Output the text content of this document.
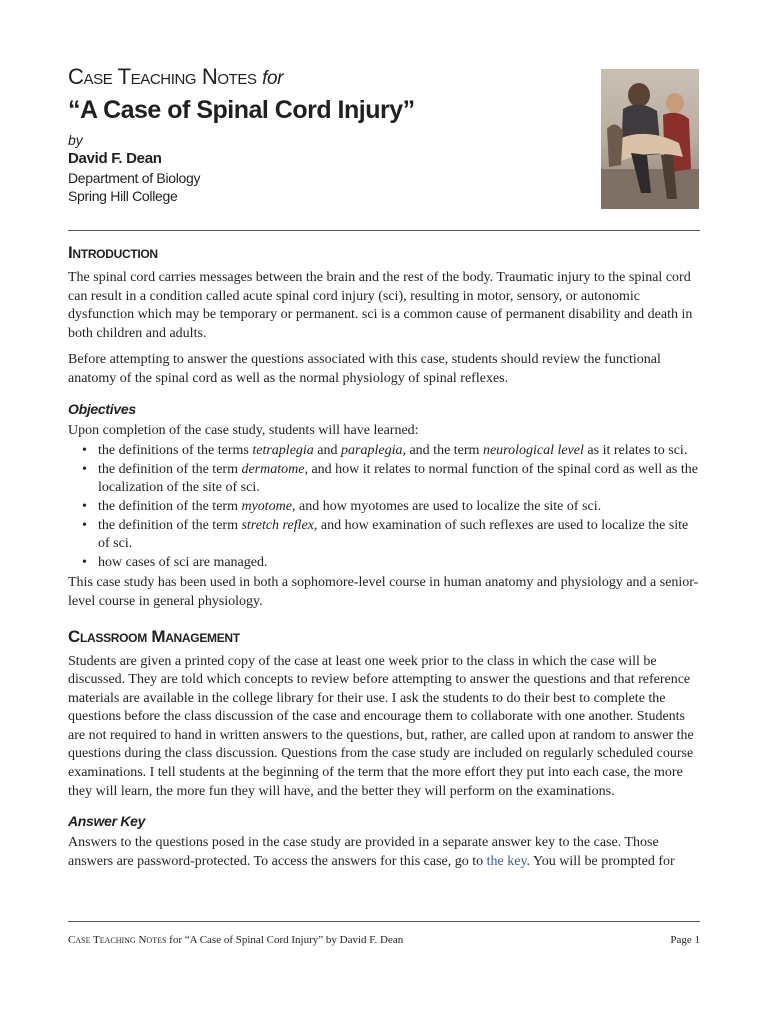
Case Teaching Notes for
“A Case of Spinal Cord Injury”
by
David F. Dean
Department of Biology
Spring Hill College
Introduction

The spinal cord carries messages between the brain and the rest of the body. Traumatic injury to the spinal cord can result in a condition called acute spinal cord injury (sci), resulting in motor, sensory, or autonomic dysfunction which may be temporary or permanent. sci is a common cause of permanent disability and death in both children and adults.

Before attempting to answer the questions associated with this case, students should review the functional anatomy of the spinal cord as well as the normal physiology of spinal reflexes.

Objectives

Upon completion of the case study, students will have learned:

• the definitions of the terms tetraplegia and paraplegia, and the term neurological level as it relates to sci.
• the definition of the term dermatome, and how it relates to normal function of the spinal cord as well as the localization of the site of sci.
• the definition of the term myotome, and how myotomes are used to localize the site of sci.
• the definition of the term stretch reflex, and how examination of such reflexes are used to localize the site of sci.
• how cases of sci are managed.

This case study has been used in both a sophomore-level course in human anatomy and physiology and a senior-level course in general physiology.

Classroom Management

Students are given a printed copy of the case at least one week prior to the class in which the case will be discussed. They are told which concepts to review before attempting to answer the questions and that reference materials are available in the college library for their use. I ask the students to do their best to complete the questions before the class discussion of the case and encourage them to collaborate with one another. Students are not required to hand in written answers to the questions, but, rather, are called upon at random to answer the questions during the class discussion. Questions from the case study are included on regularly scheduled course examinations. I tell students at the beginning of the term that the more effort they put into each case, the more they will learn, the more fun they will have, and the better they will perform on the examinations.

Answer Key

Answers to the questions posed in the case study are provided in a separate answer key to the case. Those answers are password-protected. To access the answers for this case, go to the key. You will be prompted for

Case Teaching Notes for “A Case of Spinal Cord Injury” by David F. Dean	Page 1
